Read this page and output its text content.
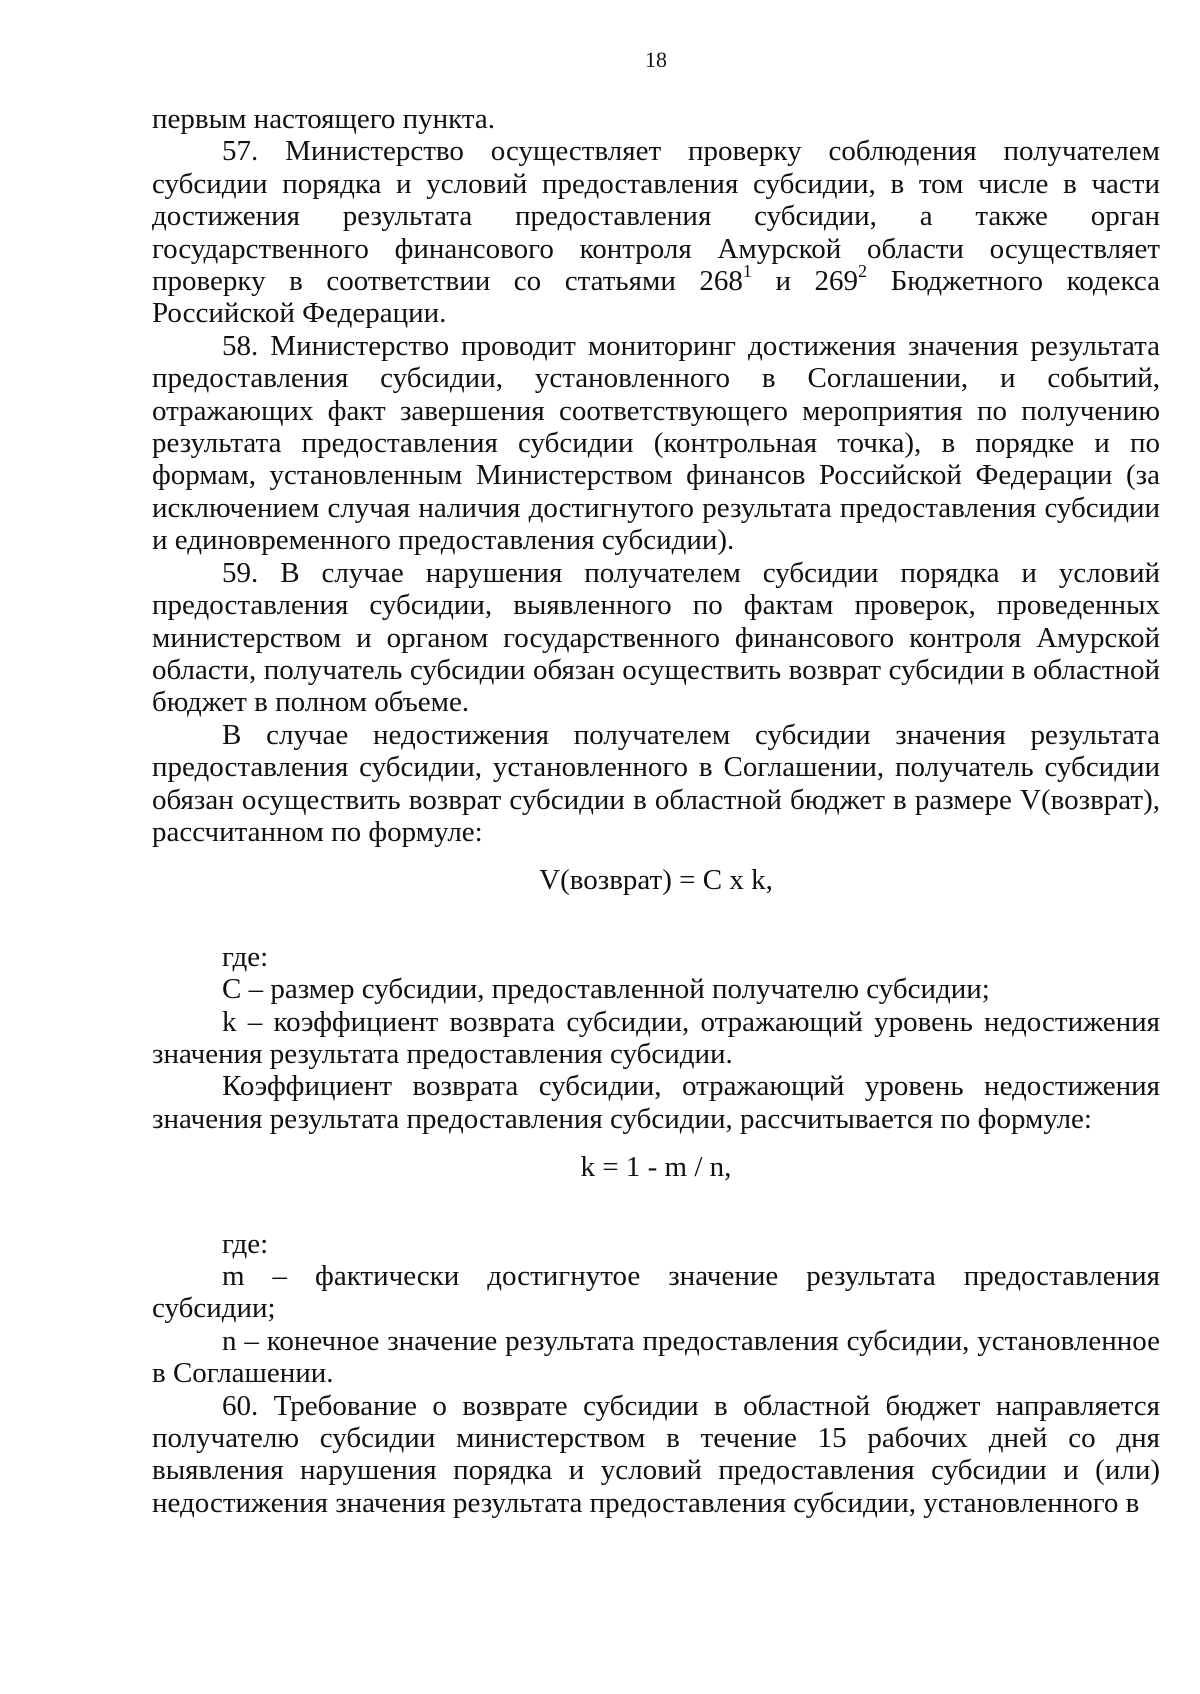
18

первым настоящего пункта.

57. Министерство осуществляет проверку соблюдения получателем субсидии порядка и условий предоставления субсидии, в том числе в части достижения результата предоставления субсидии, а также орган государственного финансового контроля Амурской области осуществляет проверку в соответствии со статьями $268^1$ и $269^2$ Бюджетного кодекса Российской Федерации.

58. Министерство проводит мониторинг достижения значения результата предоставления субсидии, установленного в Соглашении, и событий, отражающих факт завершения соответствующего мероприятия по получению результата предоставления субсидии (контрольная точка), в порядке и по формам, установленным Министерством финансов Российской Федерации (за исключением случая наличия достигнутого результата предоставления субсидии и единовременного предоставления субсидии).

59. В случае нарушения получателем субсидии порядка и условий предоставления субсидии, выявленного по фактам проверок, проведенных министерством и органом государственного финансового контроля Амурской области, получатель субсидии обязан осуществить возврат субсидии в областной бюджет в полном объеме.

В случае недостижения получателем субсидии значения результата предоставления субсидии, установленного в Соглашении, получатель субсидии обязан осуществить возврат субсидии в областной бюджет в размере V(возврат), рассчитанном по формуле:

V(возврат) = C x k,

где:

C – размер субсидии, предоставленной получателю субсидии;

k – коэффициент возврата субсидии, отражающий уровень недостижения значения результата предоставления субсидии.

Коэффициент возврата субсидии, отражающий уровень недостижения значения результата предоставления субсидии, рассчитывается по формуле:

k = 1 - m / n,

где:

m – фактически достигнутое значение результата предоставления субсидии;

n – конечное значение результата предоставления субсидии, установленное в Соглашении.

60. Требование о возврате субсидии в областной бюджет направляется получателю субсидии министерством в течение 15 рабочих дней со дня выявления нарушения порядка и условий предоставления субсидии и (или) недостижения значения результата предоставления субсидии, установленного в
